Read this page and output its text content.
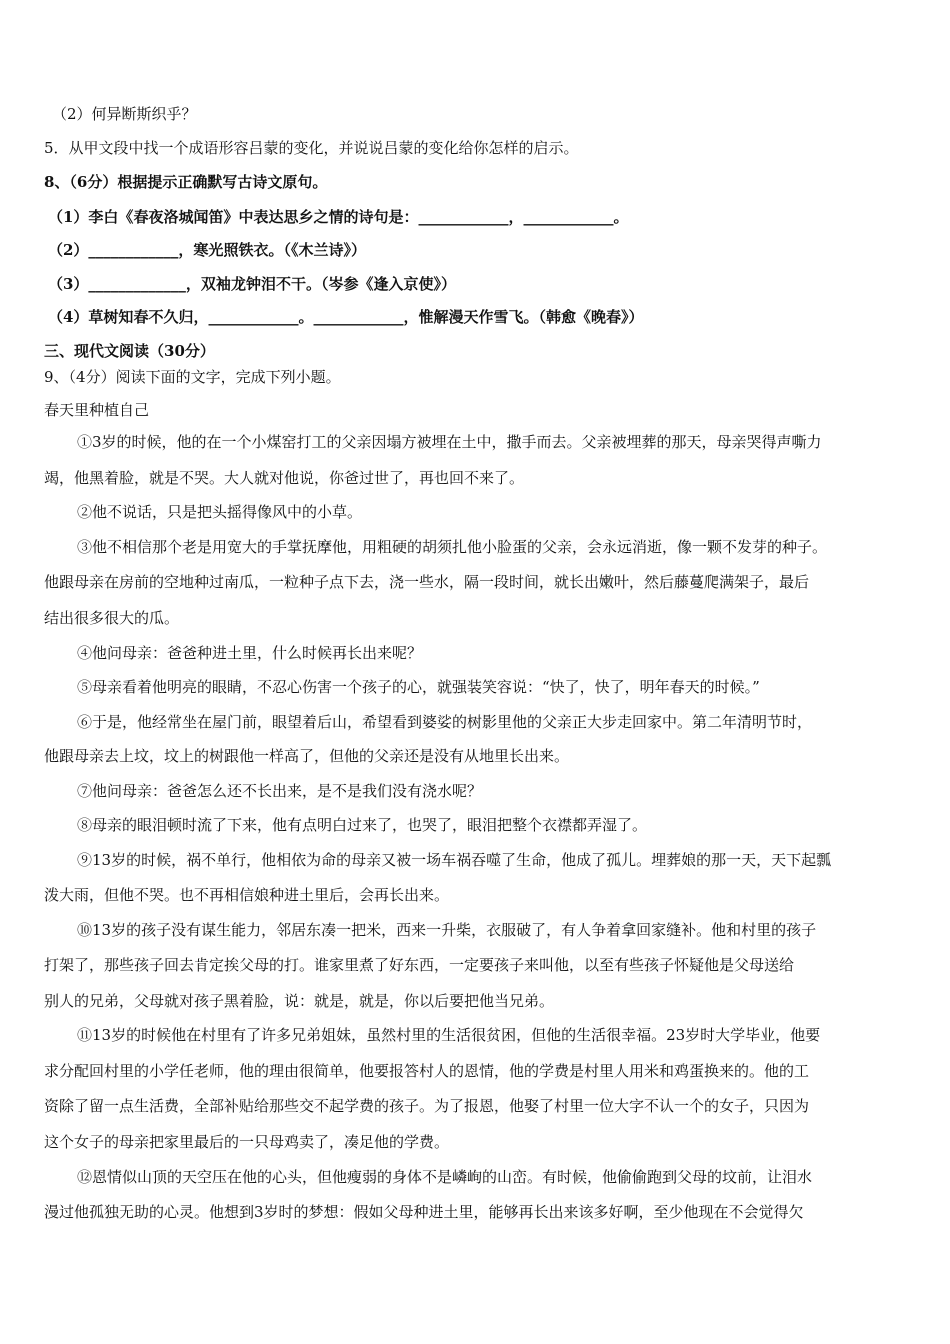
（2）何异断斯织乎？
5．从甲文段中找一个成语形容吕蒙的变化，并说说吕蒙的变化给你怎样的启示。
8、（6分）根据提示正确默写古诗文原句。
（1）李白《春夜洛城闻笛》中表达思乡之情的诗句是：____________，____________。
（2）____________，寒光照铁衣。（《木兰诗》）
（3）_____________，双袖龙钟泪不干。（岑参《逢入京使》）
（4）草树知春不久归，____________。____________，惟解漫天作雪飞。（韩愈《晚春》）
三、现代文阅读（30分）
9、（4分）阅读下面的文字，完成下列小题。
春天里种植自己
①3岁的时候，他的在一个小煤窑打工的父亲因塌方被埋在土中，撒手而去。父亲被埋葬的那天，母亲哭得声嘶力
竭，他黑着脸，就是不哭。大人就对他说，你爸过世了，再也回不来了。
②他不说话，只是把头摇得像风中的小草。
③他不相信那个老是用宽大的手掌抚摩他，用粗硬的胡须扎他小脸蛋的父亲，会永远消逝，像一颗不发芽的种子。
他跟母亲在房前的空地种过南瓜，一粒种子点下去，浇一些水，隔一段时间，就长出嫩叶，然后藤蔓爬满架子，最后
结出很多很大的瓜。
④他问母亲：爸爸种进土里，什么时候再长出来呢？
⑤母亲看着他明亮的眼睛，不忍心伤害一个孩子的心，就强装笑容说：“快了，快了，明年春天的时候。”
⑥于是，他经常坐在屋门前，眼望着后山，希望看到婆娑的树影里他的父亲正大步走回家中。第二年清明节时，
他跟母亲去上坟，坟上的树跟他一样高了，但他的父亲还是没有从地里长出来。
⑦他问母亲：爸爸怎么还不长出来，是不是我们没有浇水呢？
⑧母亲的眼泪顿时流了下来，他有点明白过来了，也哭了，眼泪把整个衣襟都弄湿了。
⑨13岁的时候，祸不单行，他相依为命的母亲又被一场车祸吞噬了生命，他成了孤儿。埋葬娘的那一天，天下起瓢
泼大雨，但他不哭。也不再相信娘种进土里后，会再长出来。
⑩13岁的孩子没有谋生能力，邻居东凑一把米，西来一升柴，衣服破了，有人争着拿回家缝补。他和村里的孩子
打架了，那些孩子回去肯定挨父母的打。谁家里煮了好东西，一定要孩子来叫他，以至有些孩子怀疑他是父母送给
别人的兄弟，父母就对孩子黑着脸，说：就是，就是，你以后要把他当兄弟。
⑪13岁的时候他在村里有了许多兄弟姐妹，虽然村里的生活很贫困，但他的生活很幸福。23岁时大学毕业，他要
求分配回村里的小学任老师，他的理由很简单，他要报答村人的恩情，他的学费是村里人用米和鸡蛋换来的。他的工
资除了留一点生活费，全部补贴给那些交不起学费的孩子。为了报恩，他娶了村里一位大字不认一个的女子，只因为
这个女子的母亲把家里最后的一只母鸡卖了，凑足他的学费。
⑫恩情似山顶的天空压在他的心头，但他瘦弱的身体不是嶙峋的山峦。有时候，他偷偷跑到父母的坟前，让泪水
漫过他孤独无助的心灵。他想到3岁时的梦想：假如父母种进土里，能够再长出来该多好啊，至少他现在不会觉得欠
